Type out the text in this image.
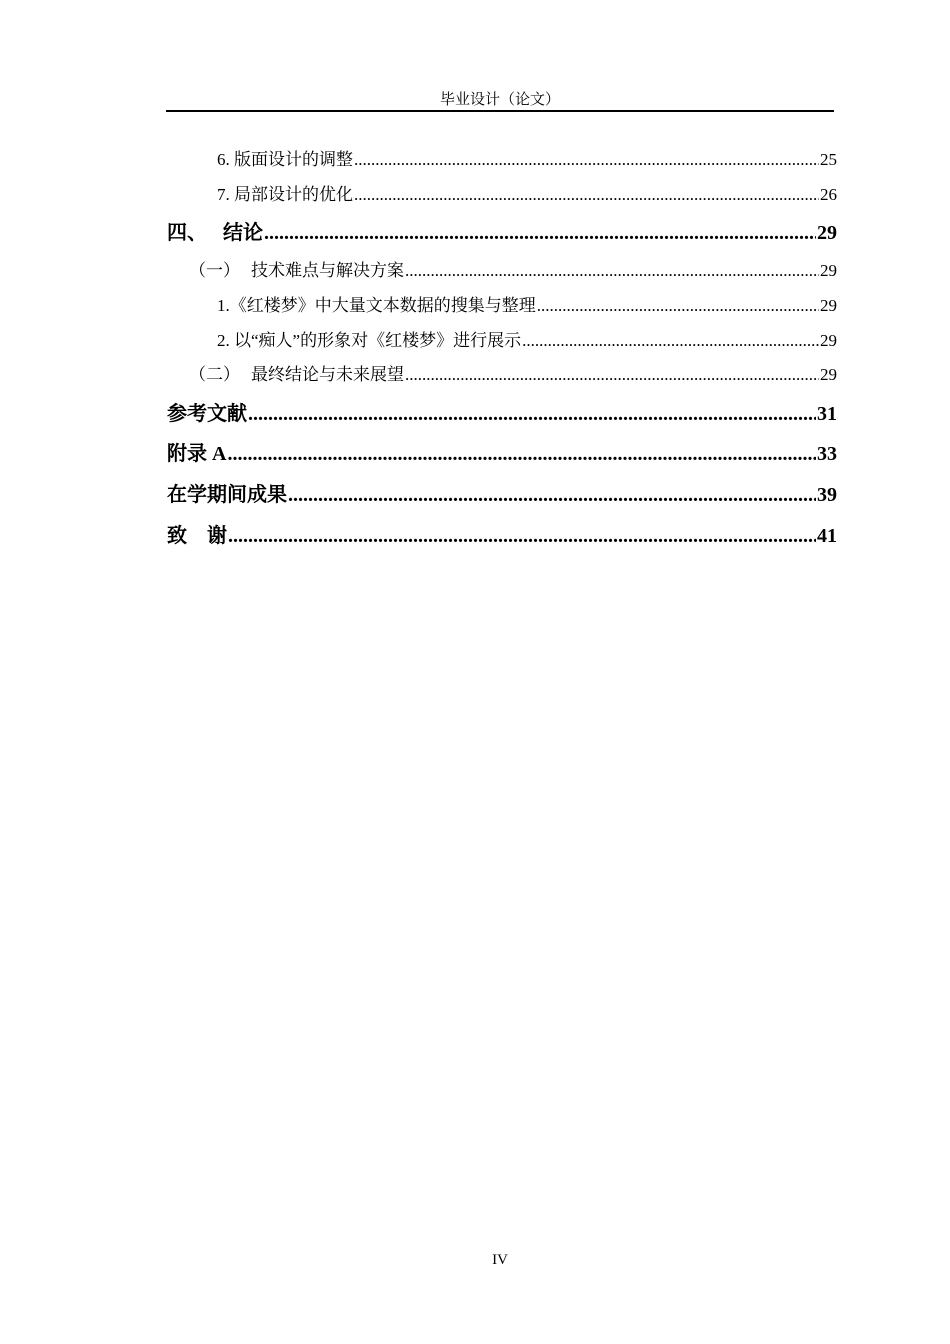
毕业设计（论文）
6. 版面设计的调整 .....	25
7. 局部设计的优化 .....	26
四、 结论 .....	29
（一） 技术难点与解决方案 .....	29
1.《红楼梦》中大量文本数据的搜集与整理 .....	29
2. 以“痴人”的形象对《红楼梦》进行展示 .....	29
（二） 最终结论与未来展望 .....	29
参考文献 .....	31
附录 A .....	33
在学期间成果 .....	39
致　谢 .....	41
IV
